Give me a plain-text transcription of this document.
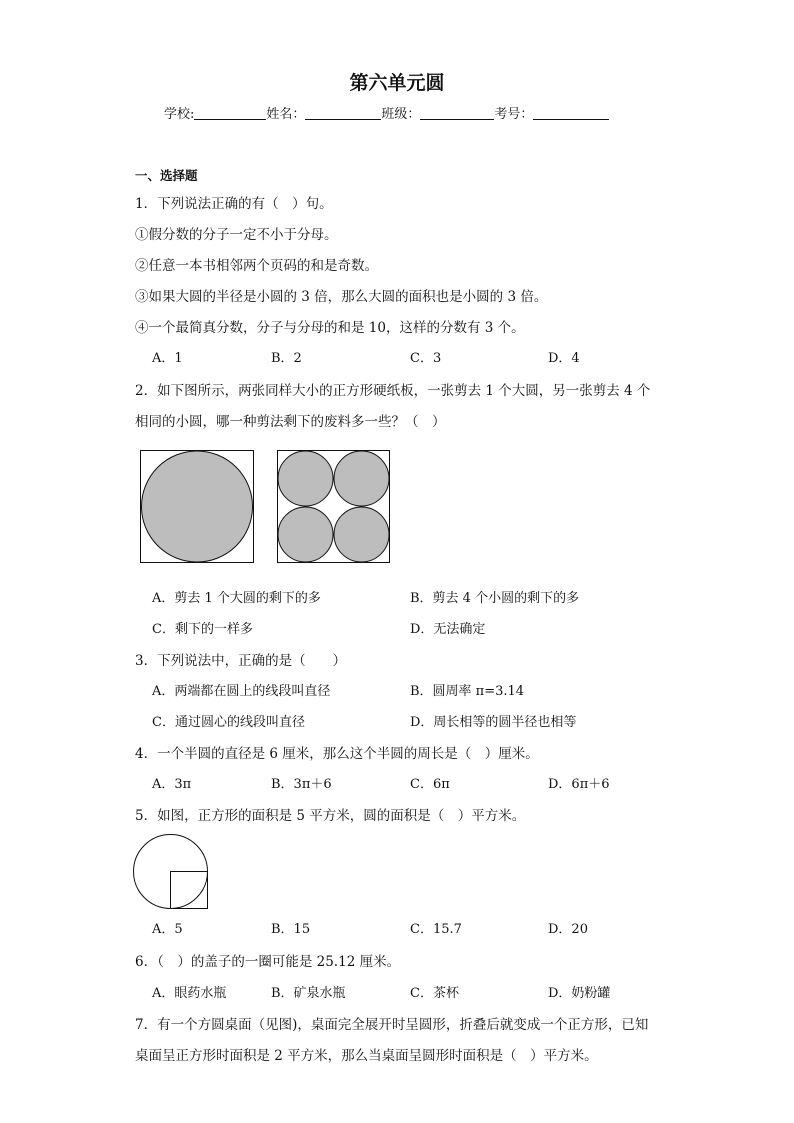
第六单元圆
学校:	姓名：	班级：	考号：
一、选择题
1．下列说法正确的有（　）句。
①假分数的分子一定不小于分母。
②任意一本书相邻两个页码的和是奇数。
③如果大圆的半径是小圆的 3 倍，那么大圆的面积也是小圆的 3 倍。
④一个最简真分数，分子与分母的和是 10，这样的分数有 3 个。
A．1	B．2	C．3	D．4
2．如下图所示，两张同样大小的正方形硬纸板，一张剪去 1 个大圆，另一张剪去 4 个
相同的小圆，哪一种剪法剩下的废料多一些？（　）
A．剪去 1 个大圆的剩下的多	B．剪去 4 个小圆的剩下的多
C．剩下的一样多	D．无法确定
3．下列说法中，正确的是（　　）
A．两端都在圆上的线段叫直径	B．圆周率 π=3.14
C．通过圆心的线段叫直径	D．周长相等的圆半径也相等
4．一个半圆的直径是 6 厘米，那么这个半圆的周长是（　）厘米。
A．3π	B．3π＋6	C．6π	D．6π＋6
5．如图，正方形的面积是 5 平方米，圆的面积是（　）平方米。
A．5	B．15	C．15.7	D．20
6．（　）的盖子的一圈可能是 25.12 厘米。
A．眼药水瓶	B．矿泉水瓶	C．茶杯	D．奶粉罐
7．有一个方圆桌面（见图)，桌面完全展开时呈圆形，折叠后就变成一个正方形，已知
桌面呈正方形时面积是 2 平方米，那么当桌面呈圆形时面积是（　）平方米。
